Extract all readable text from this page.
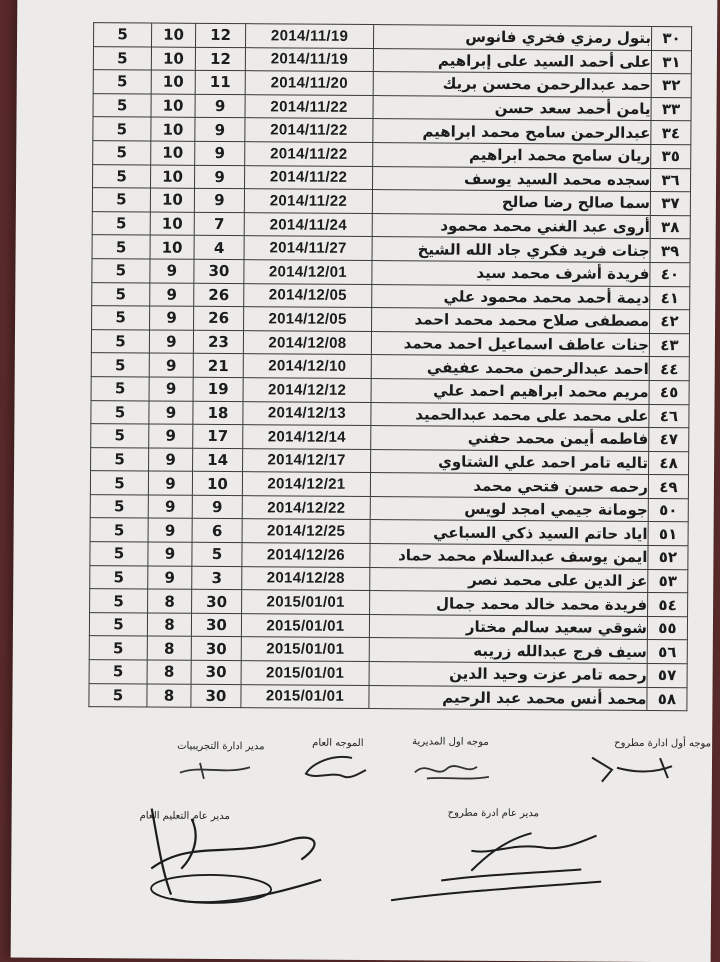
5	10	12	2014/11/19	بتول رمزي فخري فانوس	٣٠
5	10	12	2014/11/19	على أحمد السيد على إبراهيم	٣١
5	10	11	2014/11/20	حمد عبدالرحمن محسن بريك	٣٢
5	10	9	2014/11/22	يامن أحمد سعد حسن	٣٣
5	10	9	2014/11/22	عبدالرحمن سامح محمد ابراهيم	٣٤
5	10	9	2014/11/22	ريان سامح محمد ابراهيم	٣٥
5	10	9	2014/11/22	سجده محمد السيد يوسف	٣٦
5	10	9	2014/11/22	سما صالح رضا صالح	٣٧
5	10	7	2014/11/24	أروى عبد الغني محمد محمود	٣٨
5	10	4	2014/11/27	جنات فريد فكري جاد الله الشيخ	٣٩
5	9	30	2014/12/01	فريدة أشرف محمد سيد	٤٠
5	9	26	2014/12/05	ديمة أحمد محمد محمود علي	٤١
5	9	26	2014/12/05	مصطفى صلاح محمد محمد احمد	٤٢
5	9	23	2014/12/08	جنات عاطف اسماعيل احمد محمد	٤٣
5	9	21	2014/12/10	احمد عبدالرحمن محمد عفيفي	٤٤
5	9	19	2014/12/12	مريم محمد ابراهيم احمد علي	٤٥
5	9	18	2014/12/13	على محمد على محمد عبدالحميد	٤٦
5	9	17	2014/12/14	فاطمه أيمن محمد حفني	٤٧
5	9	14	2014/12/17	تاليه تامر احمد علي الشتاوي	٤٨
5	9	10	2014/12/21	رحمه حسن فتحي محمد	٤٩
5	9	9	2014/12/22	جومانة جيمي امجد لويس	٥٠
5	9	6	2014/12/25	اياد حاتم السيد ذكي السباعي	٥١
5	9	5	2014/12/26	ايمن يوسف عبدالسلام محمد حماد	٥٢
5	9	3	2014/12/28	عز الدين على محمد نصر	٥٣
5	8	30	2015/01/01	فريدة محمد خالد محمد جمال	٥٤
5	8	30	2015/01/01	شوقي سعيد سالم مختار	٥٥
5	8	30	2015/01/01	سيف فرج عبدالله زريبه	٥٦
5	8	30	2015/01/01	رحمه تامر عزت وحيد الدين	٥٧
5	8	30	2015/01/01	محمد أنس محمد عبد الرحيم	٥٨
موجه أول ادارة مطروح
موجه اول المديرية
الموجه العام
مدير ادارة التجريبيات
مدير عام ادرة مطروح
مدير عام التعليم العام
